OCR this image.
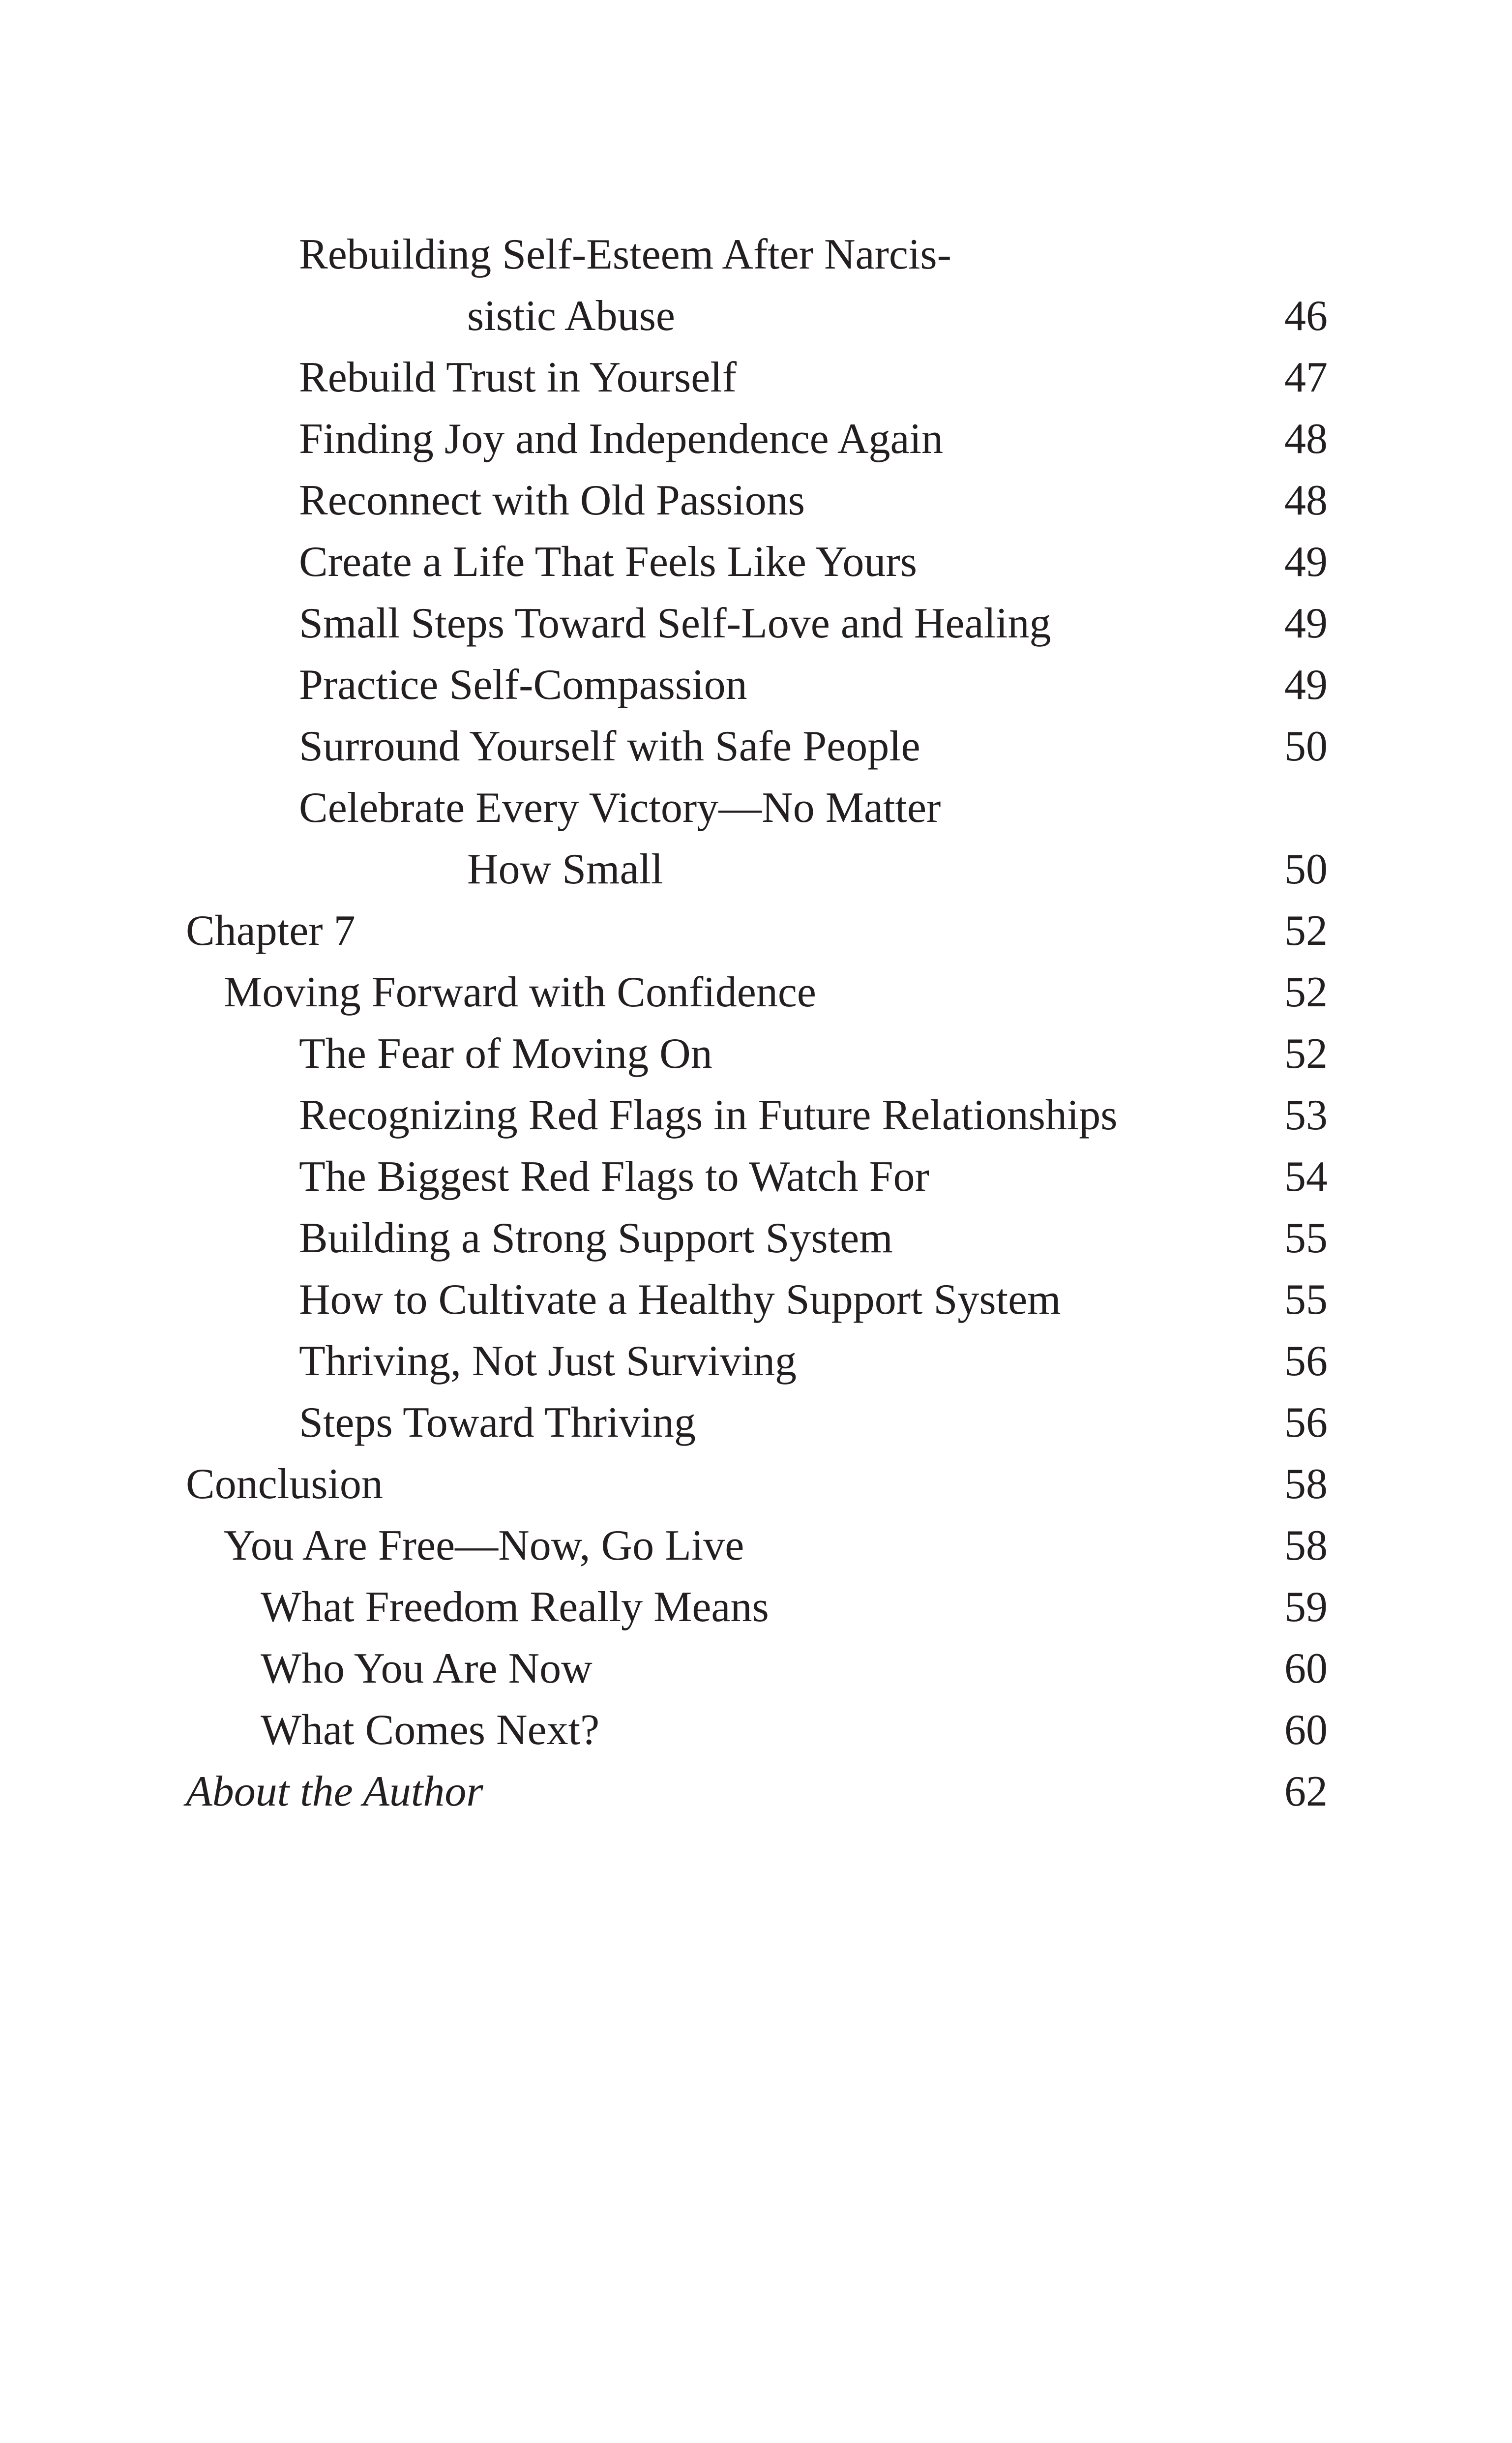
Rebuilding Self-Esteem After Narcis-
sistic Abuse	46
Rebuild Trust in Yourself	47
Finding Joy and Independence Again	48
Reconnect with Old Passions	48
Create a Life That Feels Like Yours	49
Small Steps Toward Self-Love and Healing	49
Practice Self-Compassion	49
Surround Yourself with Safe People	50
Celebrate Every Victory—No Matter
How Small	50
Chapter 7	52
Moving Forward with Confidence	52
The Fear of Moving On	52
Recognizing Red Flags in Future Relationships	53
The Biggest Red Flags to Watch For	54
Building a Strong Support System	55
How to Cultivate a Healthy Support System	55
Thriving, Not Just Surviving	56
Steps Toward Thriving	56
Conclusion	58
You Are Free—Now, Go Live	58
What Freedom Really Means	59
Who You Are Now	60
What Comes Next?	60
About the Author	62
